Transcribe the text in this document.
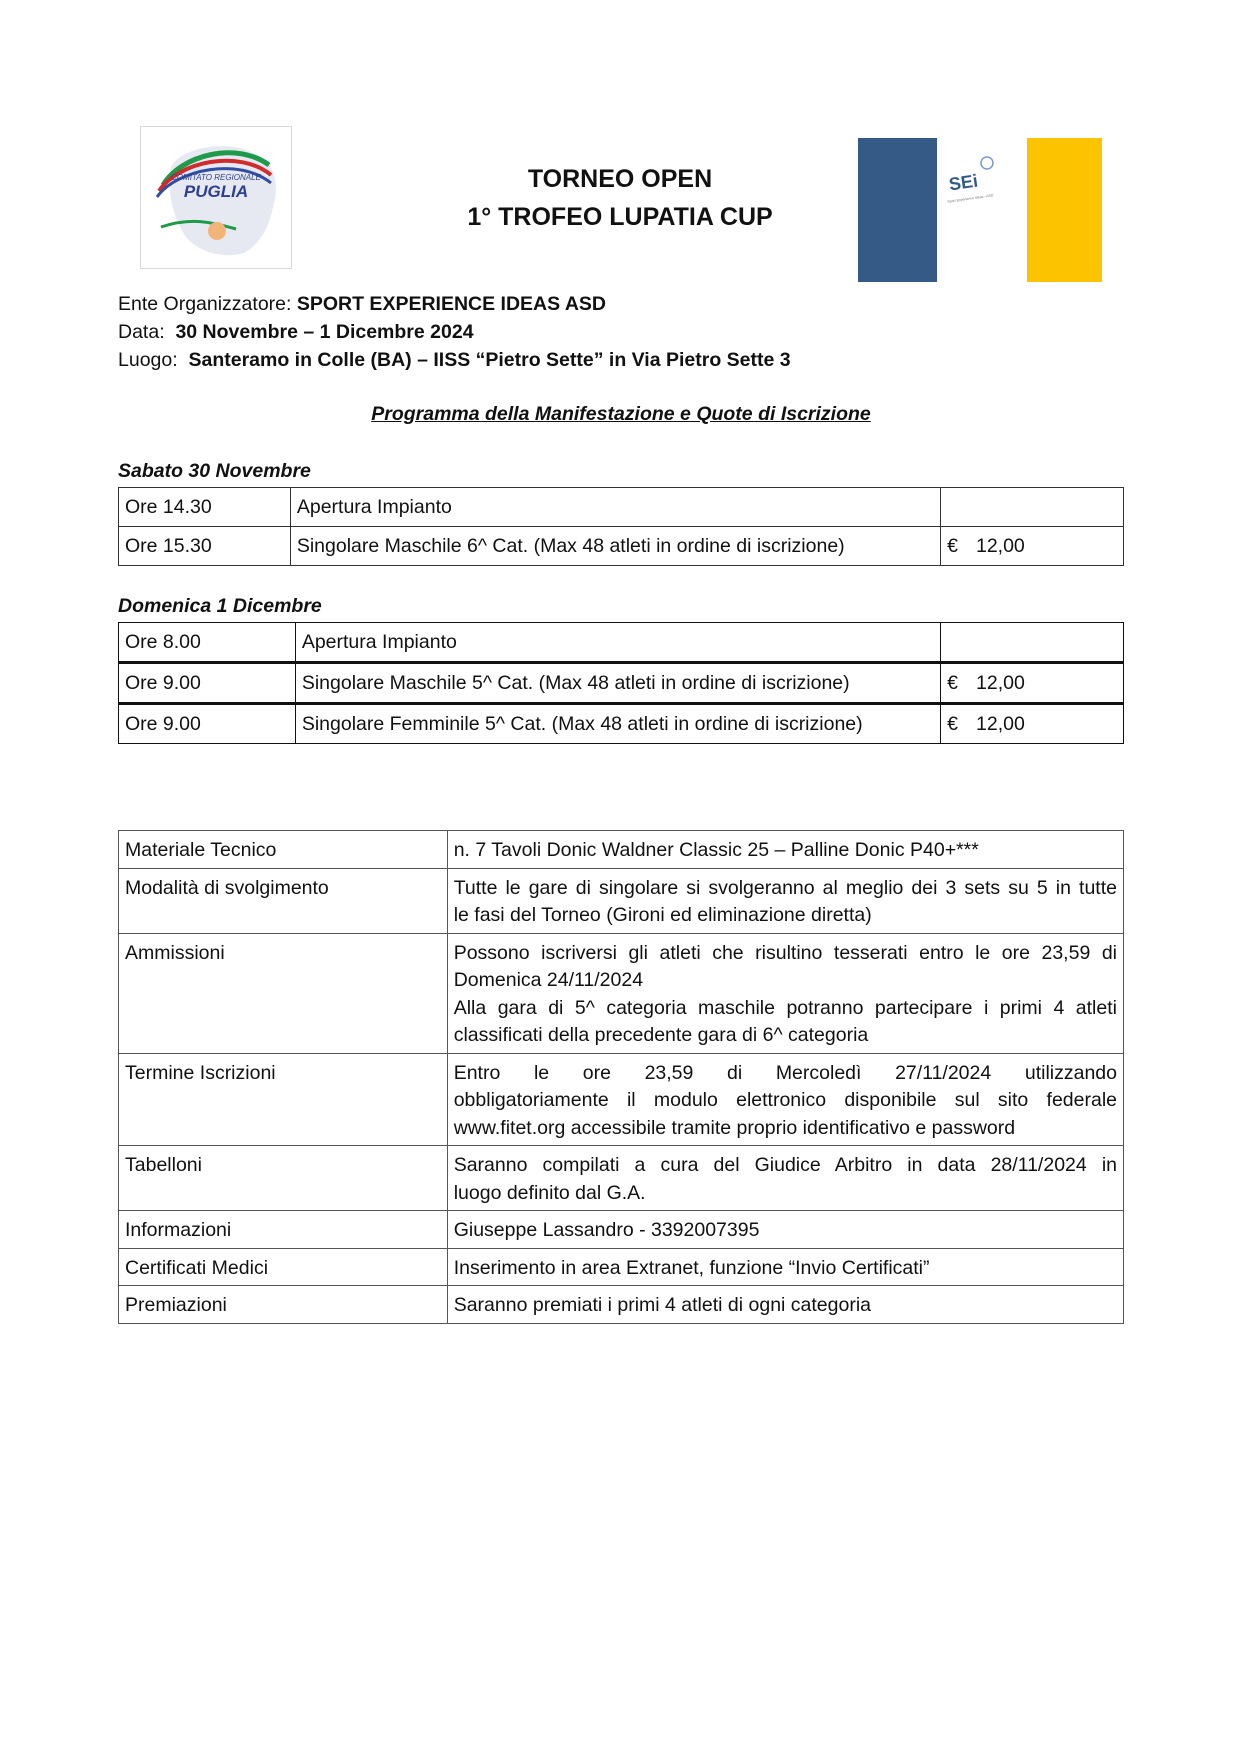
COMITATO REGIONALE
PUGLIA	TORNEO OPEN
1° TROFEO LUPATIA CUP
SEi
Sport Experience Ideas - ASD
Ente Organizzatore: SPORT EXPERIENCE IDEAS ASD
Data:  30 Novembre – 1 Dicembre 2024
Luogo:  Santeramo in Colle (BA) – IISS “Pietro Sette” in Via Pietro Sette 3
Programma della Manifestazione e Quote di Iscrizione
Sabato 30 Novembre
Ore 14.30	Apertura Impianto	
Ore 15.30	Singolare Maschile 6^ Cat. (Max 48 atleti in ordine di iscrizione)	€ 12,00
Domenica 1 Dicembre
Ore 8.00	Apertura Impianto	
Ore 9.00	Singolare Maschile 5^ Cat. (Max 48 atleti in ordine di iscrizione)	€ 12,00
Ore 9.00	Singolare Femminile 5^ Cat. (Max 48 atleti in ordine di iscrizione)	€ 12,00
Materiale Tecnico	n. 7 Tavoli Donic Waldner Classic 25 – Palline Donic P40+***

Modalità di svolgimento	Tutte le gare di singolare si svolgeranno al meglio dei 3 sets su 5 in tutte
le fasi del Torneo (Gironi ed eliminazione diretta)

Ammissioni	Possono iscriversi gli atleti che risultino tesserati entro le ore 23,59 di
Domenica 24/11/2024
Alla gara di 5^ categoria maschile potranno partecipare i primi 4 atleti
classificati della precedente gara di 6^ categoria

Termine Iscrizioni	Entro le ore 23,59 di Mercoledì 27/11/2024 utilizzando
obbligatoriamente il modulo elettronico disponibile sul sito federale
www.fitet.org accessibile tramite proprio identificativo e password

Tabelloni	Saranno compilati a cura del Giudice Arbitro in data 28/11/2024 in
luogo definito dal G.A.

Informazioni	Giuseppe Lassandro - 3392007395

Certificati Medici	Inserimento in area Extranet, funzione “Invio Certificati”

Premiazioni	Saranno premiati i primi 4 atleti di ogni categoria
